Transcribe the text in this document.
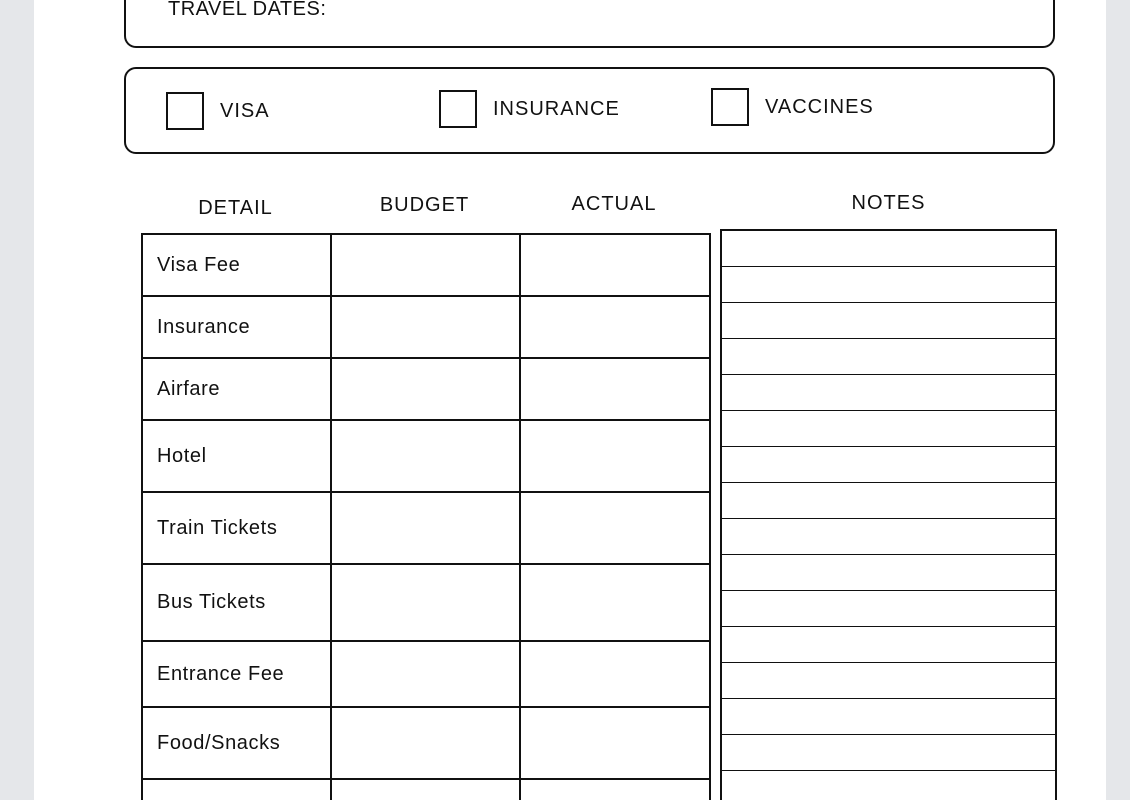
TRAVEL DATES:
VISA	INSURANCE	VACCINES
DETAIL	BUDGET	ACTUAL	NOTES
Visa Fee		
Insurance		
Airfare		
Hotel		
Train Tickets		
Bus Tickets		
Entrance Fee		
Food/Snacks		
